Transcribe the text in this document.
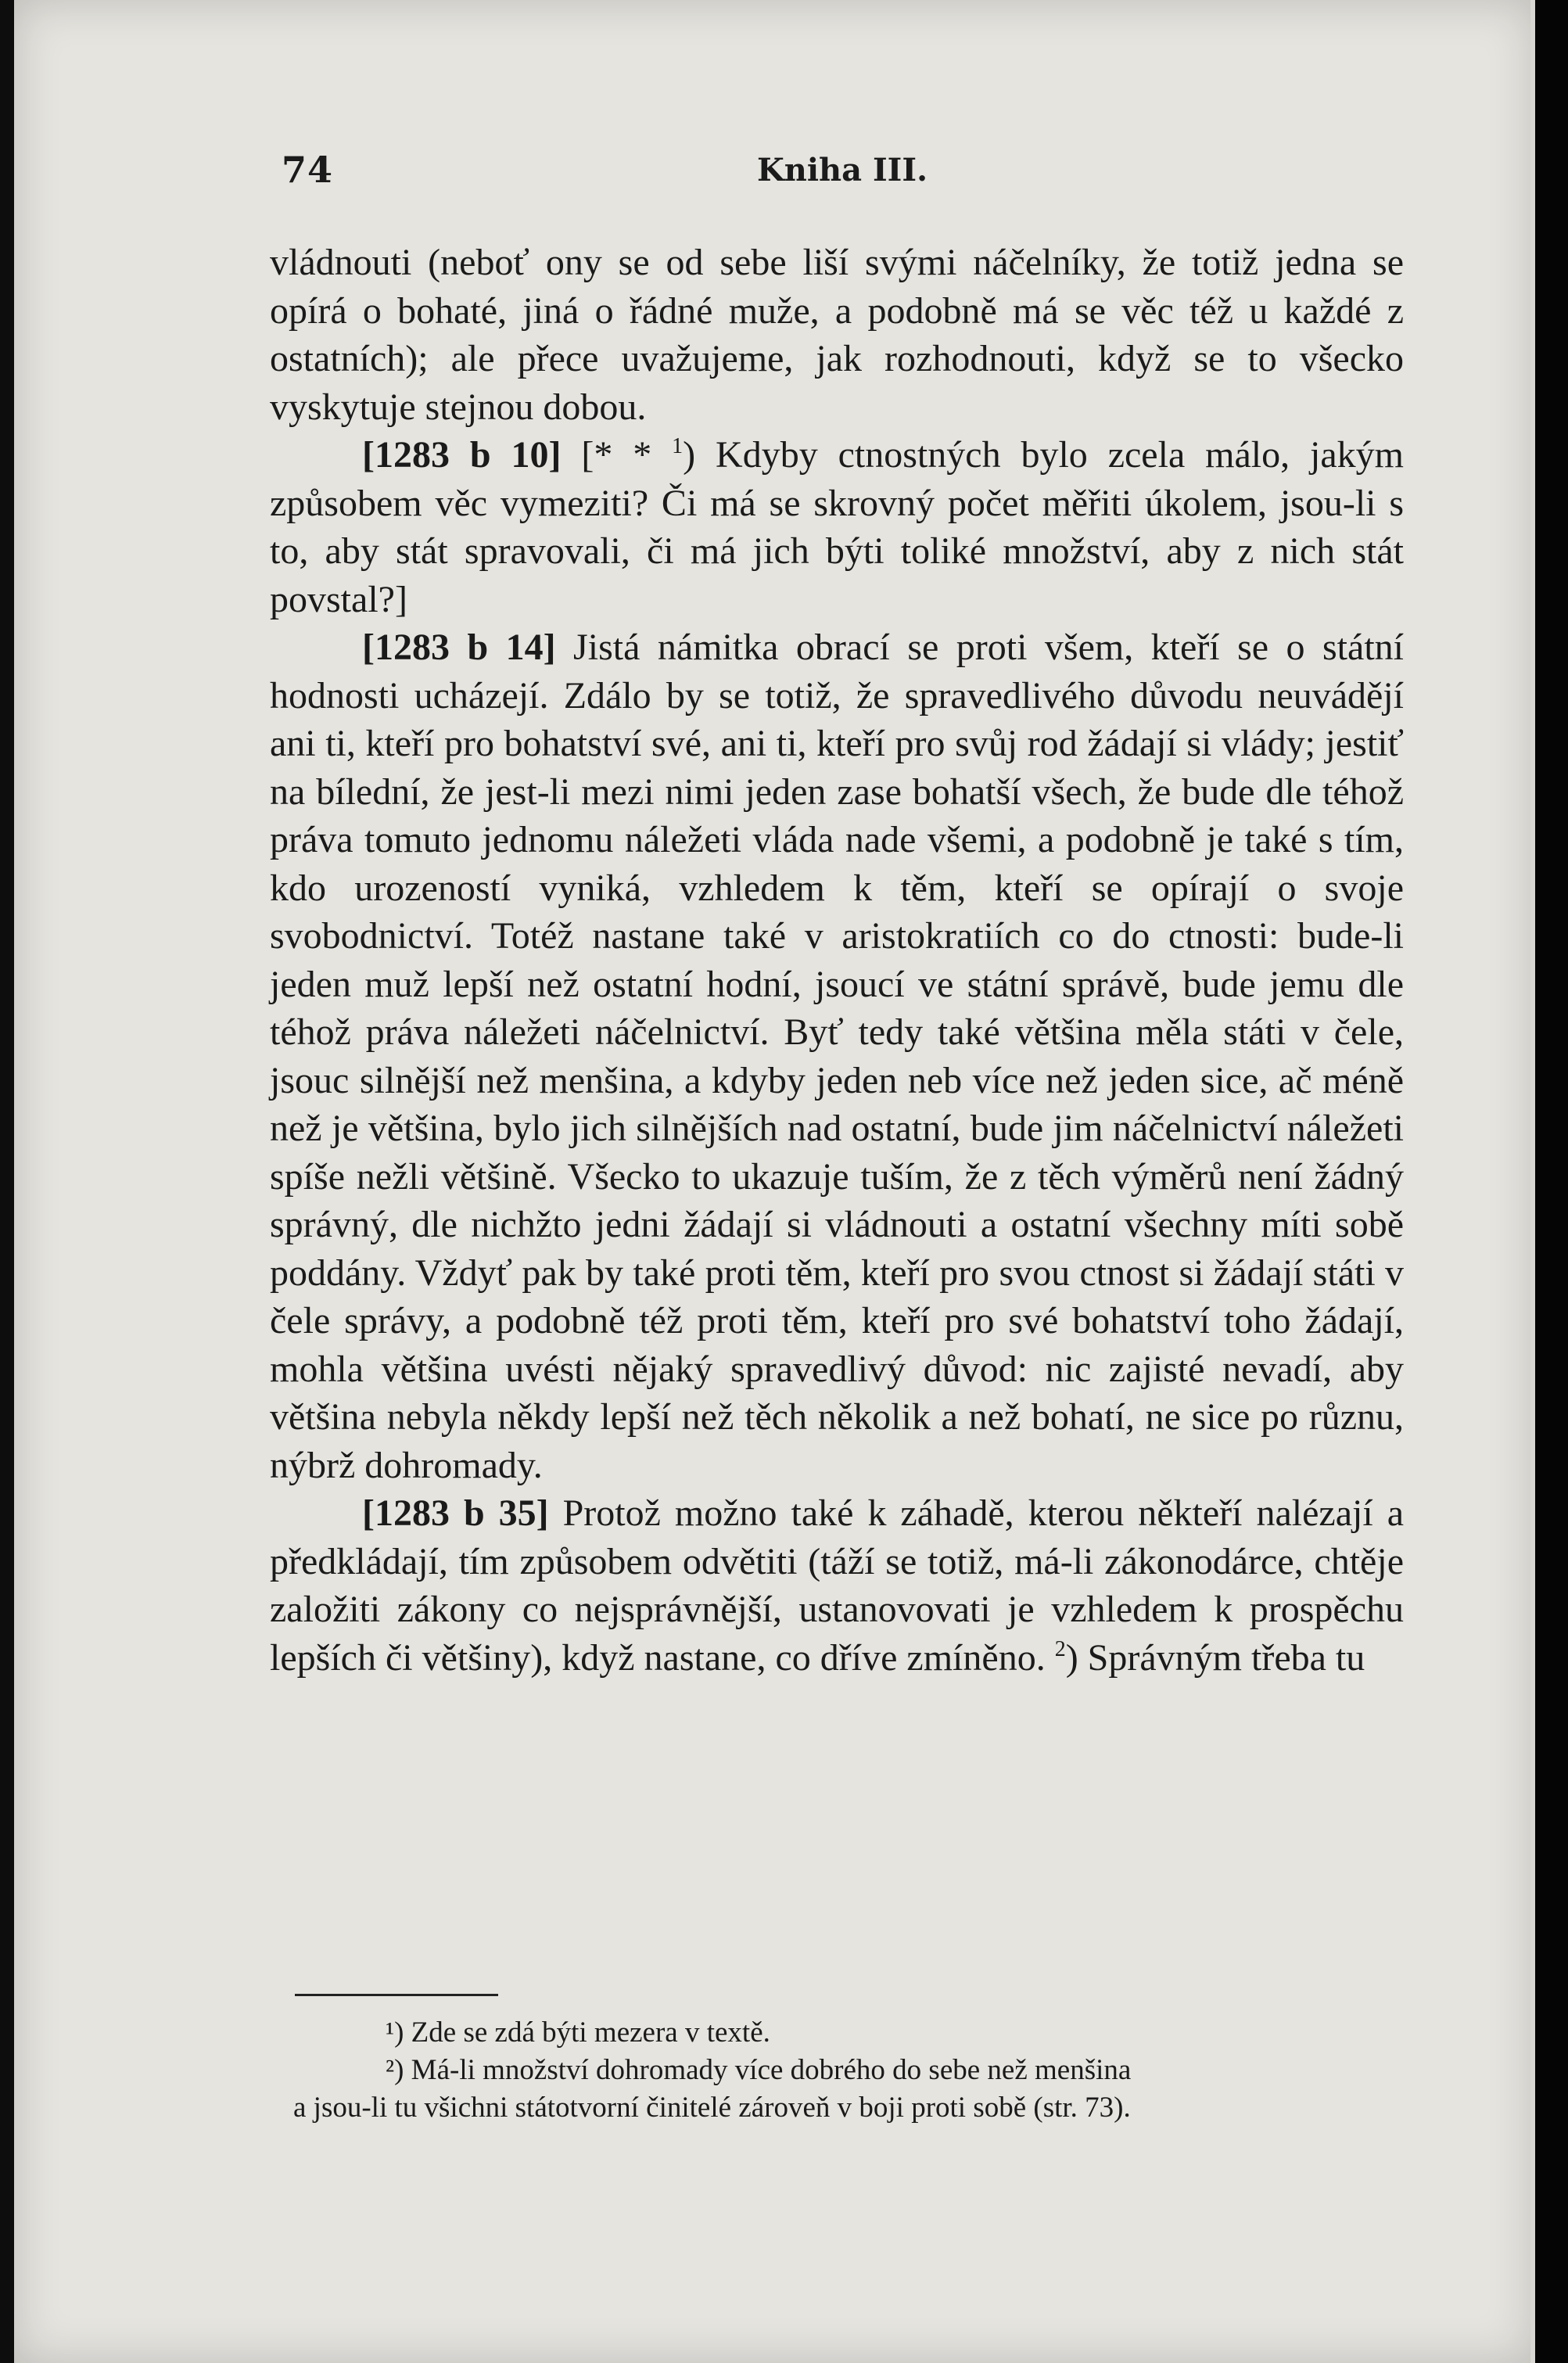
74	Kniha III.

vládnouti (neboť ony se od sebe liší svými náčelníky, že totiž jedna se opírá o bohaté, jiná o řádné muže, a podobně má se věc též u každé z ostatních); ale přece uvažujeme, jak rozhodnouti, když se to všecko vyskytuje stejnou dobou.

[1283 b 10] [* * $^1$) Kdyby ctnostných bylo zcela málo, jakým způsobem věc vymeziti? Či má se skrovný počet měřiti úkolem, jsou-li s to, aby stát spravovali, či má jich býti toliké množství, aby z nich stát povstal?]

[1283 b 14] Jistá námitka obrací se proti všem, kteří se o státní hodnosti ucházejí. Zdálo by se totiž, že spravedlivého důvodu neuvádějí ani ti, kteří pro bohatství své, ani ti, kteří pro svůj rod žádají si vlády; jestiť na bílední, že jest-li mezi nimi jeden zase bohatší všech, že bude dle téhož práva tomuto jednomu náležeti vláda nade všemi, a podobně je také s tím, kdo urozeností vyniká, vzhledem k těm, kteří se opírají o svoje svobodnictví. Totéž nastane také v aristokratiích co do ctnosti: bude-li jeden muž lepší než ostatní hodní, jsoucí ve státní správě, bude jemu dle téhož práva náležeti náčelnictví. Byť tedy také většina měla státi v čele, jsouc silnější než menšina, a kdyby jeden neb více než jeden sice, ač méně než je většina, bylo jich silnějších nad ostatní, bude jim náčelnictví náležeti spíše nežli většině. Všecko to ukazuje tuším, že z těch výměrů není žádný správný, dle nichžto jedni žádají si vládnouti a ostatní všechny míti sobě poddány. Vždyť pak by také proti těm, kteří pro svou ctnost si žádají státi v čele správy, a podobně též proti těm, kteří pro své bohatství toho žádají, mohla většina uvésti nějaký spravedlivý důvod: nic zajisté nevadí, aby většina nebyla někdy lepší než těch několik a než bohatí, ne sice po různu, nýbrž dohromady.

[1283 b 35] Protož možno také k záhadě, kterou někteří nalézají a předkládají, tím způsobem odvětiti (táží se totiž, má-li zákonodárce, chtěje založiti zákony co nejsprávnější, ustanovovati je vzhledem k prospěchu lepších či většiny), když nastane, co dříve zmíněno. $^2$) Správným třeba tu

¹) Zde se zdá býti mezera v textě.
²) Má-li množství dohromady více dobrého do sebe než menšina
a jsou-li tu všichni státotvorní činitelé zároveň v boji proti sobě (str. 73).
